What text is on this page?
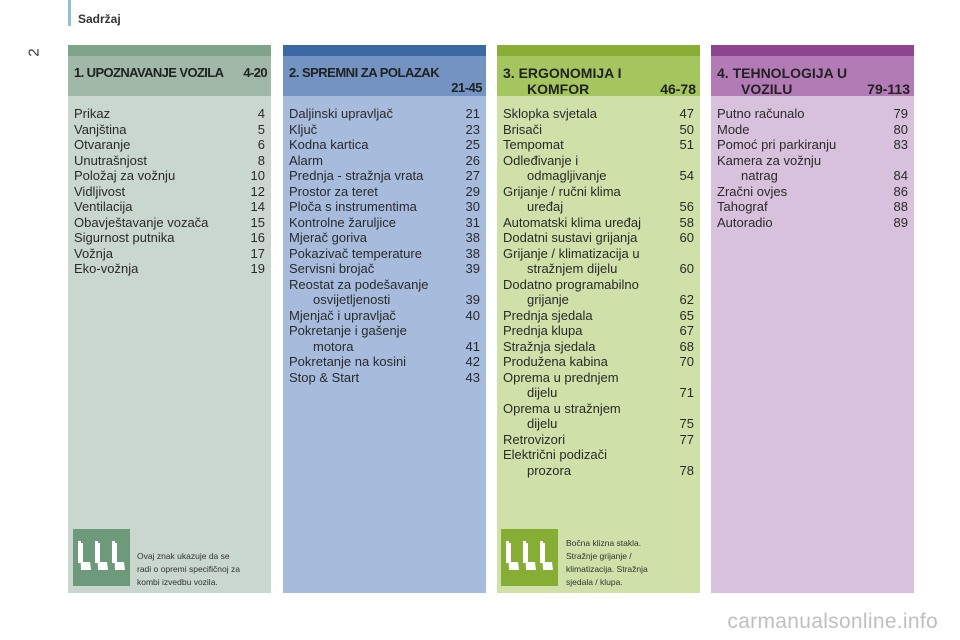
Sadržaj
2
1. UPOZNAVANJE VOZILA 4-20
Prikaz	4
Vanjština	5
Otvaranje	6
Unutrašnjost	8
Položaj za vožnju	10
Vidljivost	12
Ventilacija	14
Obavještavanje vozača	15
Sigurnost putnika	16
Vožnja	17
Eko-vožnja	19
2. SPREMNI ZA POLAZAK
21-45
Daljinski upravljač	21
Ključ	23
Kodna kartica	25
Alarm	26
Prednja - stražnja vrata	27
Prostor za teret	29
Ploča s instrumentima	30
Kontrolne žaruljice	31
Mjerač goriva	38
Pokazivač temperature	38
Servisni brojač	39
Reostat za podešavanje
osvijetljenosti	39
Mjenjač i upravljač	40
Pokretanje i gašenje
motora	41
Pokretanje na kosini	42
Stop & Start	43
3. ERGONOMIJA I
KOMFOR	46-78
Sklopka svjetala	47
Brisači	50
Tempomat	51
Odleđivanje i
odmagljivanje	54
Grijanje / ručni klima
uređaj	56
Automatski klima uređaj	58
Dodatni sustavi grijanja	60
Grijanje / klimatizacija u
stražnjem dijelu	60
Dodatno programabilno
grijanje	62
Prednja sjedala	65
Prednja klupa	67
Stražnja sjedala	68
Produžena kabina	70
Oprema u prednjem
dijelu	71
Oprema u stražnjem
dijelu	75
Retrovizori	77
Električni podizači
prozora	78
4. TEHNOLOGIJA U
VOZILU	79-113
Putno računalo	79
Mode	80
Pomoć pri parkiranju	83
Kamera za vožnju
natrag	84
Zračni ovjes	86
Tahograf	88
Autoradio	89
Ovaj znak ukazuje da se
radi o opremi specifičnoj za
kombi izvedbu vozila.
Bočna klizna stakla.
Stražnje grijanje /
klimatizacija. Stražnja
sjedala / klupa.
carmanualsonline.info
